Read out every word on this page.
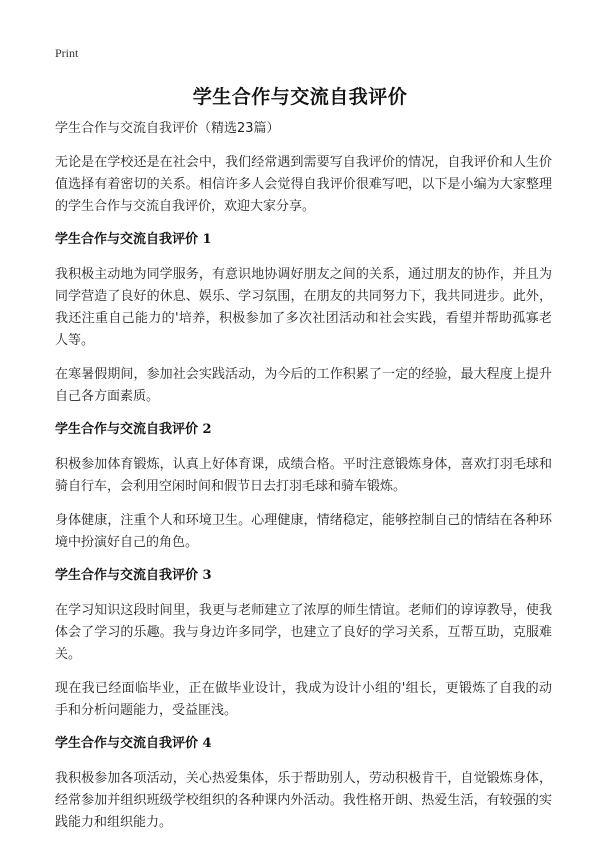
Print
学生合作与交流自我评价
学生合作与交流自我评价（精选23篇）

无论是在学校还是在社会中，我们经常遇到需要写自我评价的情况，自我评价和人生价值选择有着密切的关系。相信许多人会觉得自我评价很难写吧，以下是小编为大家整理的学生合作与交流自我评价，欢迎大家分享。

学生合作与交流自我评价 1

我积极主动地为同学服务，有意识地协调好朋友之间的关系，通过朋友的协作，并且为同学营造了良好的休息、娱乐、学习氛围，在朋友的共同努力下，我共同进步。此外，我还注重自己能力的'培养，积极参加了多次社团活动和社会实践，看望并帮助孤寡老人等。

在寒暑假期间，参加社会实践活动，为今后的工作积累了一定的经验，最大程度上提升自己各方面素质。

学生合作与交流自我评价 2

积极参加体育锻炼，认真上好体育课，成绩合格。平时注意锻炼身体，喜欢打羽毛球和骑自行车，会利用空闲时间和假节日去打羽毛球和骑车锻炼。

身体健康，注重个人和环境卫生。心理健康，情绪稳定，能够控制自己的情结在各种环境中扮演好自己的角色。

学生合作与交流自我评价 3

在学习知识这段时间里，我更与老师建立了浓厚的师生情谊。老师们的谆谆教导，使我体会了学习的乐趣。我与身边许多同学，也建立了良好的学习关系，互帮互助，克服难关。

现在我已经面临毕业，正在做毕业设计，我成为设计小组的'组长，更锻炼了自我的动手和分析问题能力，受益匪浅。

学生合作与交流自我评价 4

我积极参加各项活动，关心热爱集体，乐于帮助别人，劳动积极肯干，自觉锻炼身体，经常参加并组织班级学校组织的各种课内外活动。我性格开朗、热爱生活，有较强的实践能力和组织能力。
